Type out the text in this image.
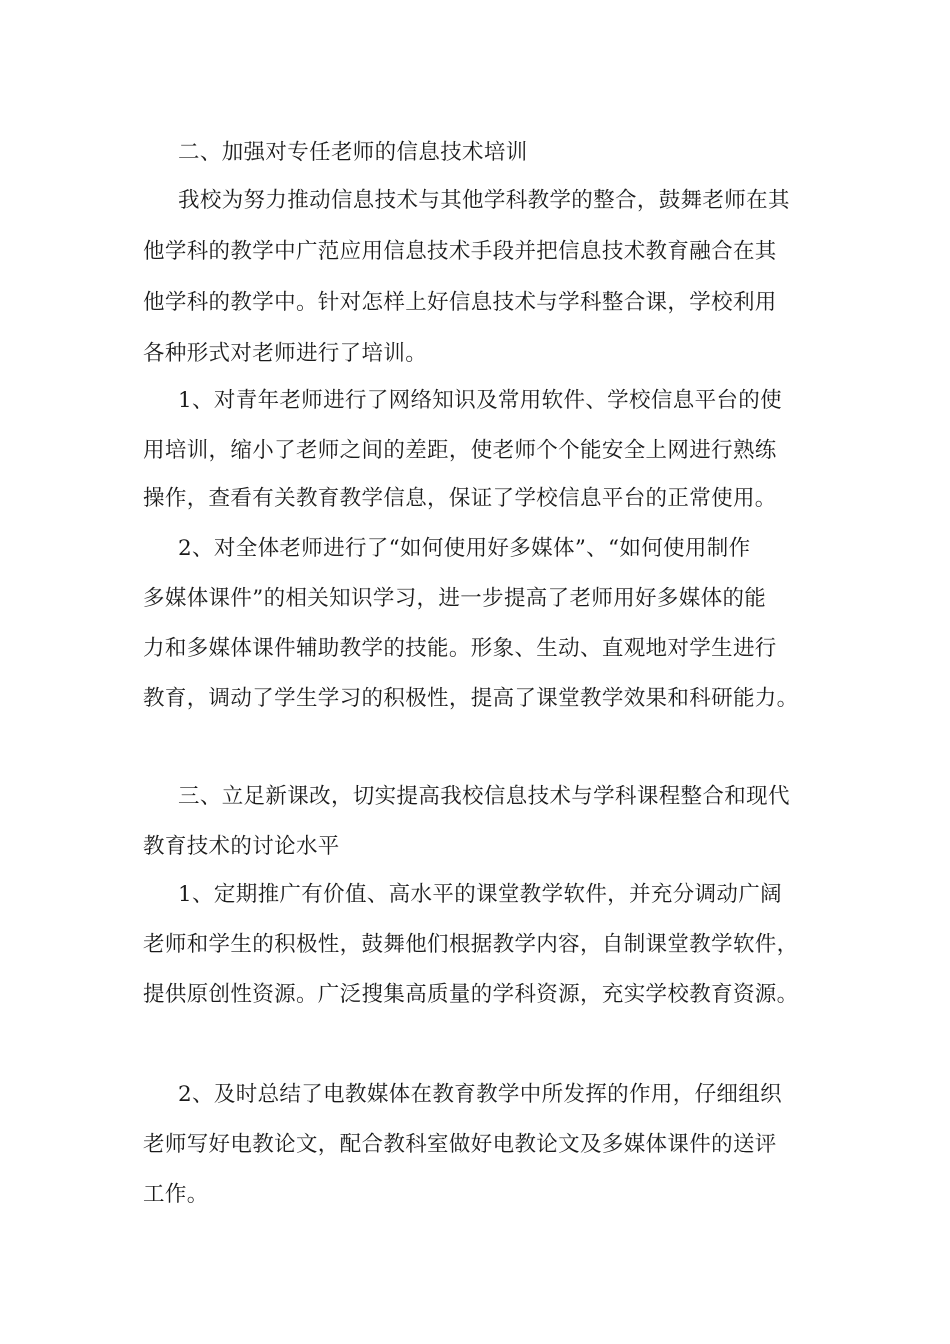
二、加强对专任老师的信息技术培训
我校为努力推动信息技术与其他学科教学的整合，鼓舞老师在其
他学科的教学中广范应用信息技术手段并把信息技术教育融合在其
他学科的教学中。针对怎样上好信息技术与学科整合课，学校利用
各种形式对老师进行了培训。
1、对青年老师进行了网络知识及常用软件、学校信息平台的使
用培训，缩小了老师之间的差距，使老师个个能安全上网进行熟练
操作，查看有关教育教学信息，保证了学校信息平台的正常使用。
2、对全体老师进行了“如何使用好多媒体”、“如何使用制作
多媒体课件”的相关知识学习，进一步提高了老师用好多媒体的能
力和多媒体课件辅助教学的技能。形象、生动、直观地对学生进行
教育，调动了学生学习的积极性，提高了课堂教学效果和科研能力。
三、立足新课改，切实提高我校信息技术与学科课程整合和现代
教育技术的讨论水平
1、定期推广有价值、高水平的课堂教学软件，并充分调动广阔
老师和学生的积极性，鼓舞他们根据教学内容，自制课堂教学软件，
提供原创性资源。广泛搜集高质量的学科资源，充实学校教育资源。
2、及时总结了电教媒体在教育教学中所发挥的作用，仔细组织
老师写好电教论文，配合教科室做好电教论文及多媒体课件的送评
工作。
